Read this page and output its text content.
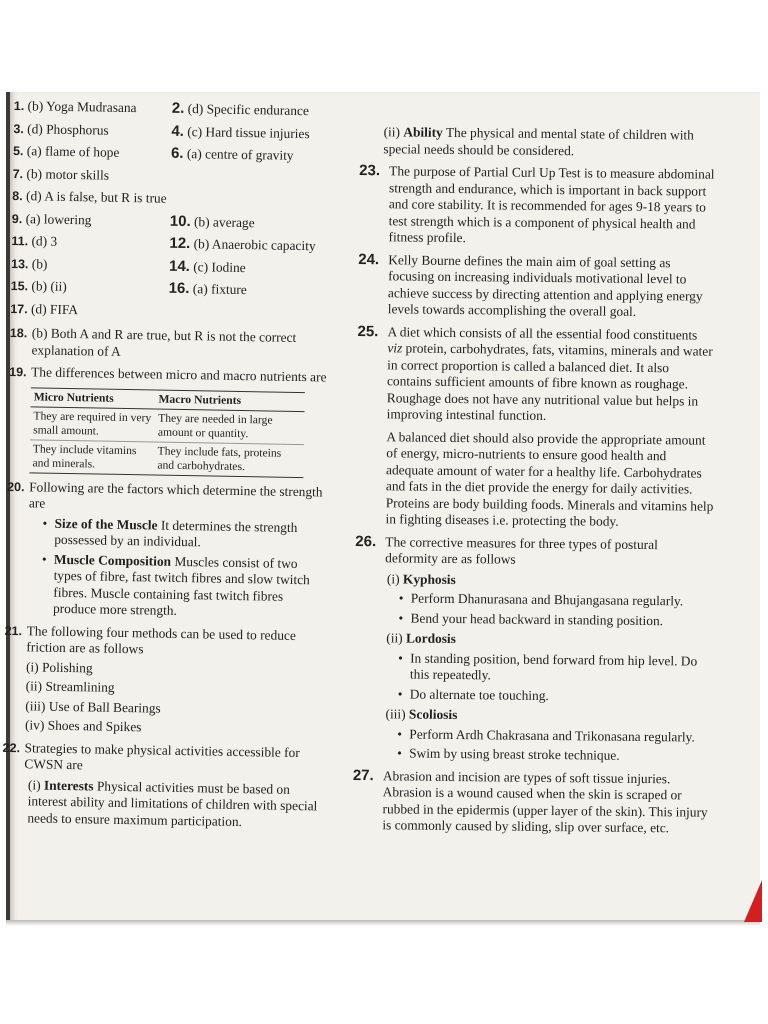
1. (b) Yoga Mudrasana	2. (d) Specific endurance
3. (d) Phosphorus	4. (c) Hard tissue injuries
5. (a) flame of hope	6. (a) centre of gravity
7. (b) motor skills
8. (d) A is false, but R is true
9. (a) lowering	10. (b) average
11. (d) 3	12. (b) Anaerobic capacity
13. (b)	14. (c) Iodine
15. (b) (ii)	16. (a) fixture
17. (d) FIFA
18. (b) Both A and R are true, but R is not the correct explanation of A
19. The differences between micro and macro nutrients are
Micro Nutrients	Macro Nutrients
They are required in very small amount.	They are needed in large amount or quantity.
They include vitamins and minerals.	They include fats, proteins and carbohydrates.
20. Following are the factors which determine the strength are
• Size of the Muscle It determines the strength possessed by an individual.
• Muscle Composition Muscles consist of two types of fibre, fast twitch fibres and slow twitch fibres. Muscle containing fast twitch fibres produce more strength.
21. The following four methods can be used to reduce friction are as follows
(i) Polishing
(ii) Streamlining
(iii) Use of Ball Bearings
(iv) Shoes and Spikes
22. Strategies to make physical activities accessible for CWSN are
(i) Interests Physical activities must be based on interest ability and limitations of children with special needs to ensure maximum participation.
(ii) Ability The physical and mental state of children with special needs should be considered.
23. The purpose of Partial Curl Up Test is to measure abdominal strength and endurance, which is important in back support and core stability. It is recommended for ages 9-18 years to test strength which is a component of physical health and fitness profile.
24. Kelly Bourne defines the main aim of goal setting as focusing on increasing individuals motivational level to achieve success by directing attention and applying energy levels towards accomplishing the overall goal.
25. A diet which consists of all the essential food constituents viz protein, carbohydrates, fats, vitamins, minerals and water in correct proportion is called a balanced diet. It also contains sufficient amounts of fibre known as roughage. Roughage does not have any nutritional value but helps in improving intestinal function.
A balanced diet should also provide the appropriate amount of energy, micro-nutrients to ensure good health and adequate amount of water for a healthy life. Carbohydrates and fats in the diet provide the energy for daily activities. Proteins are body building foods. Minerals and vitamins help in fighting diseases i.e. protecting the body.
26. The corrective measures for three types of postural deformity are as follows
(i) Kyphosis
• Perform Dhanurasana and Bhujangasana regularly.
• Bend your head backward in standing position.
(ii) Lordosis
• In standing position, bend forward from hip level. Do this repeatedly.
• Do alternate toe touching.
(iii) Scoliosis
• Perform Ardh Chakrasana and Trikonasana regularly.
• Swim by using breast stroke technique.
27. Abrasion and incision are types of soft tissue injuries.
Abrasion is a wound caused when the skin is scraped or rubbed in the epidermis (upper layer of the skin). This injury is commonly caused by sliding, slip over surface, etc.
